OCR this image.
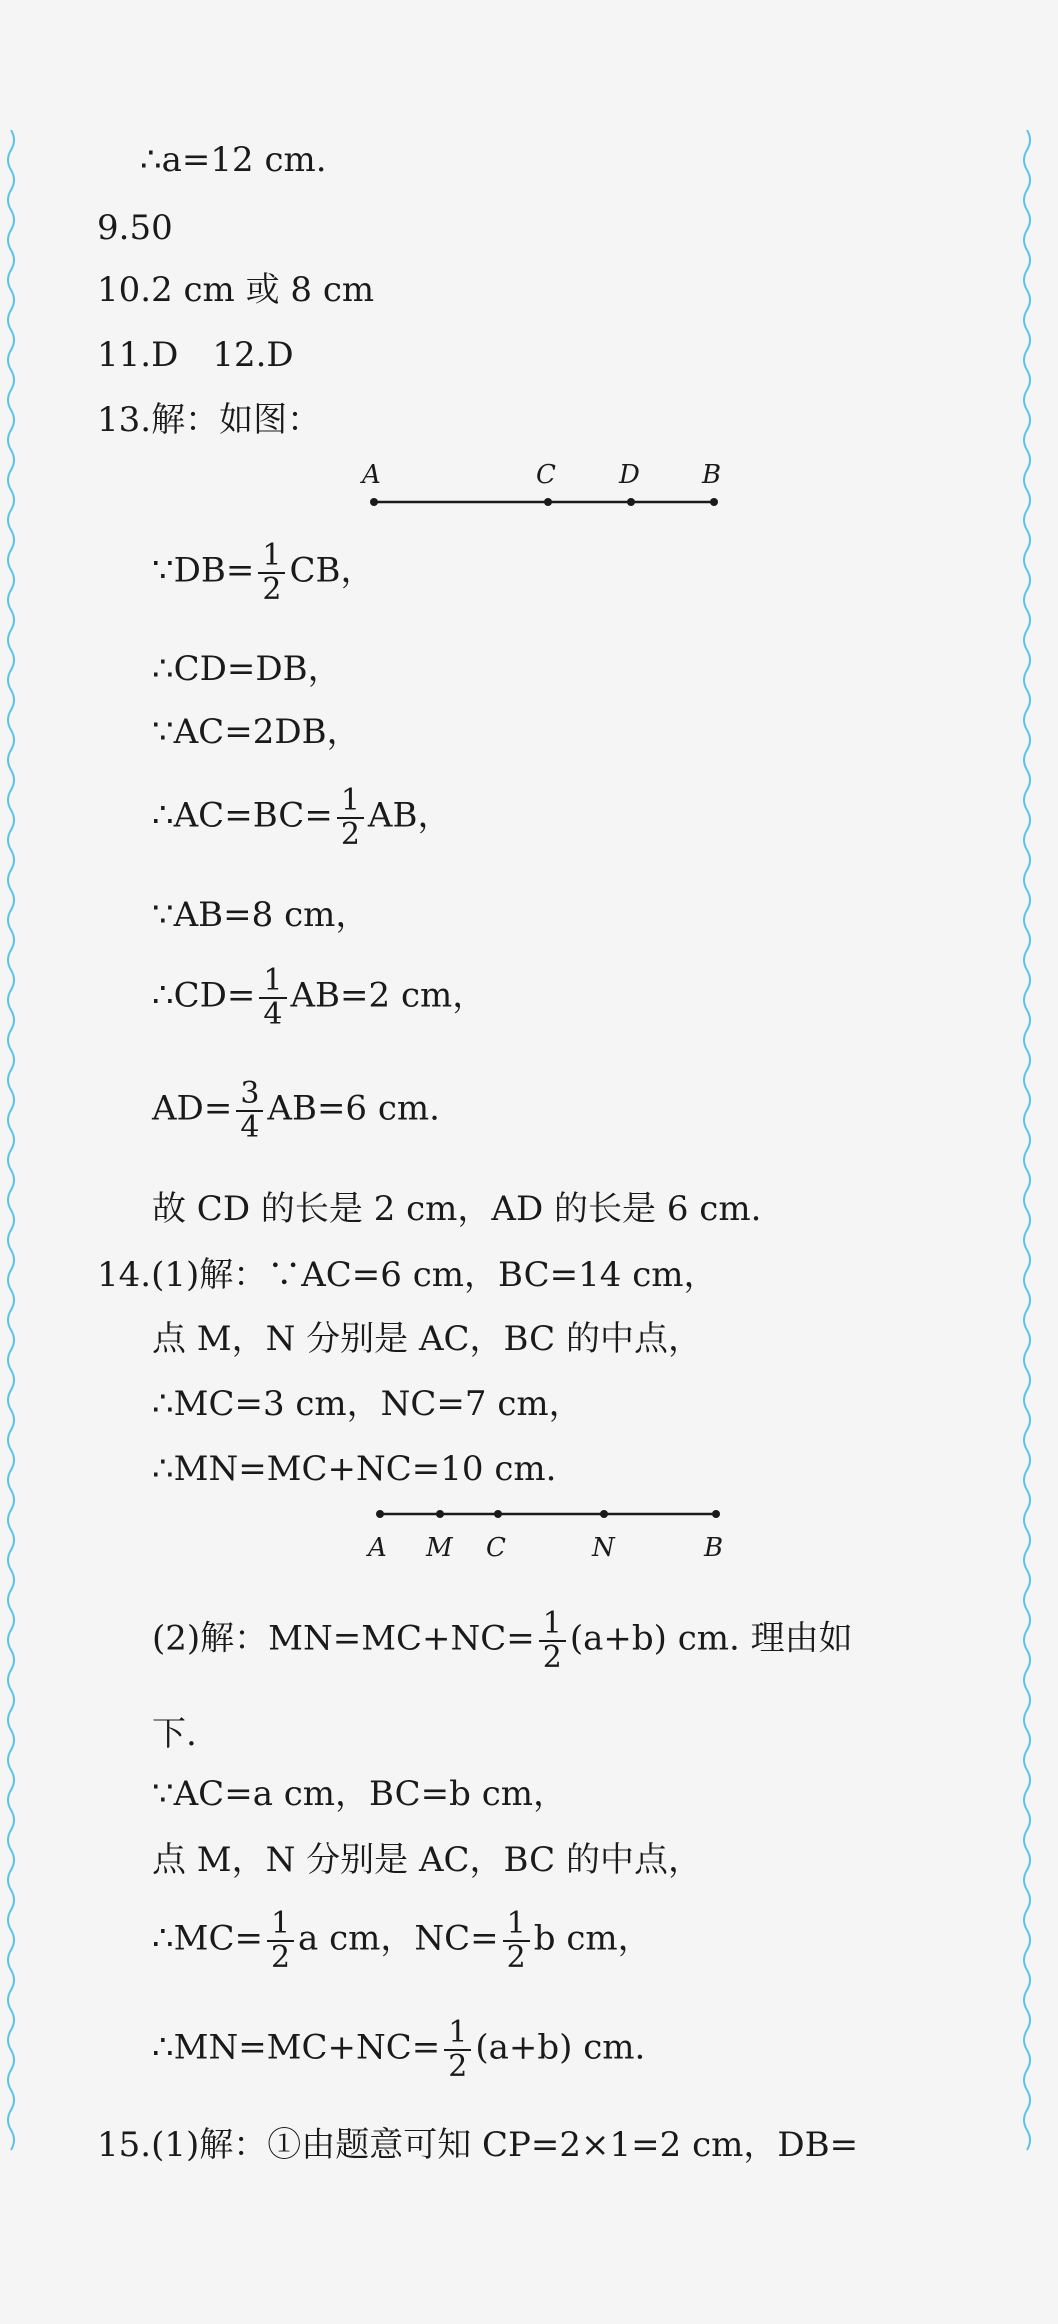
∴a=12 cm.
9.50
10.2 cm 或 8 cm
11.D　12.D
13.解：如图：
A	C D B
∵DB= $\frac{1}{2}$ CB，
∴CD=DB，
∵AC=2DB，
∴AC=BC= $\frac{1}{2}$ AB，
∵AB=8 cm，
∴CD= $\frac{1}{4} AB=2$ cm，
$AD= \frac{3}{4} AB=6$ cm.
故 CD 的长是 2 cm，AD 的长是 6 cm.
14.(1)解：∵AC=6 cm，BC=14 cm，
点 M，N 分别是 AC，BC 的中点，
∴MC=3 cm，NC=7 cm，
∴MN=MC+NC=10 cm.
A M C	N	B
(2)解：$MN=MC+NC= \frac{1}{2} (a+b)$ cm. 理由如
下.
∵AC=a cm，BC=b cm，
点 M，N 分别是 AC，BC 的中点，
∴MC= $\frac{1}{2}$ a cm，$NC= \frac{1}{2}$ b cm，
∴MN=MC+NC= $\frac{1}{2} (a+b)$ cm.
15.(1)解：①由题意可知 CP=2×1=2 cm，DB=
